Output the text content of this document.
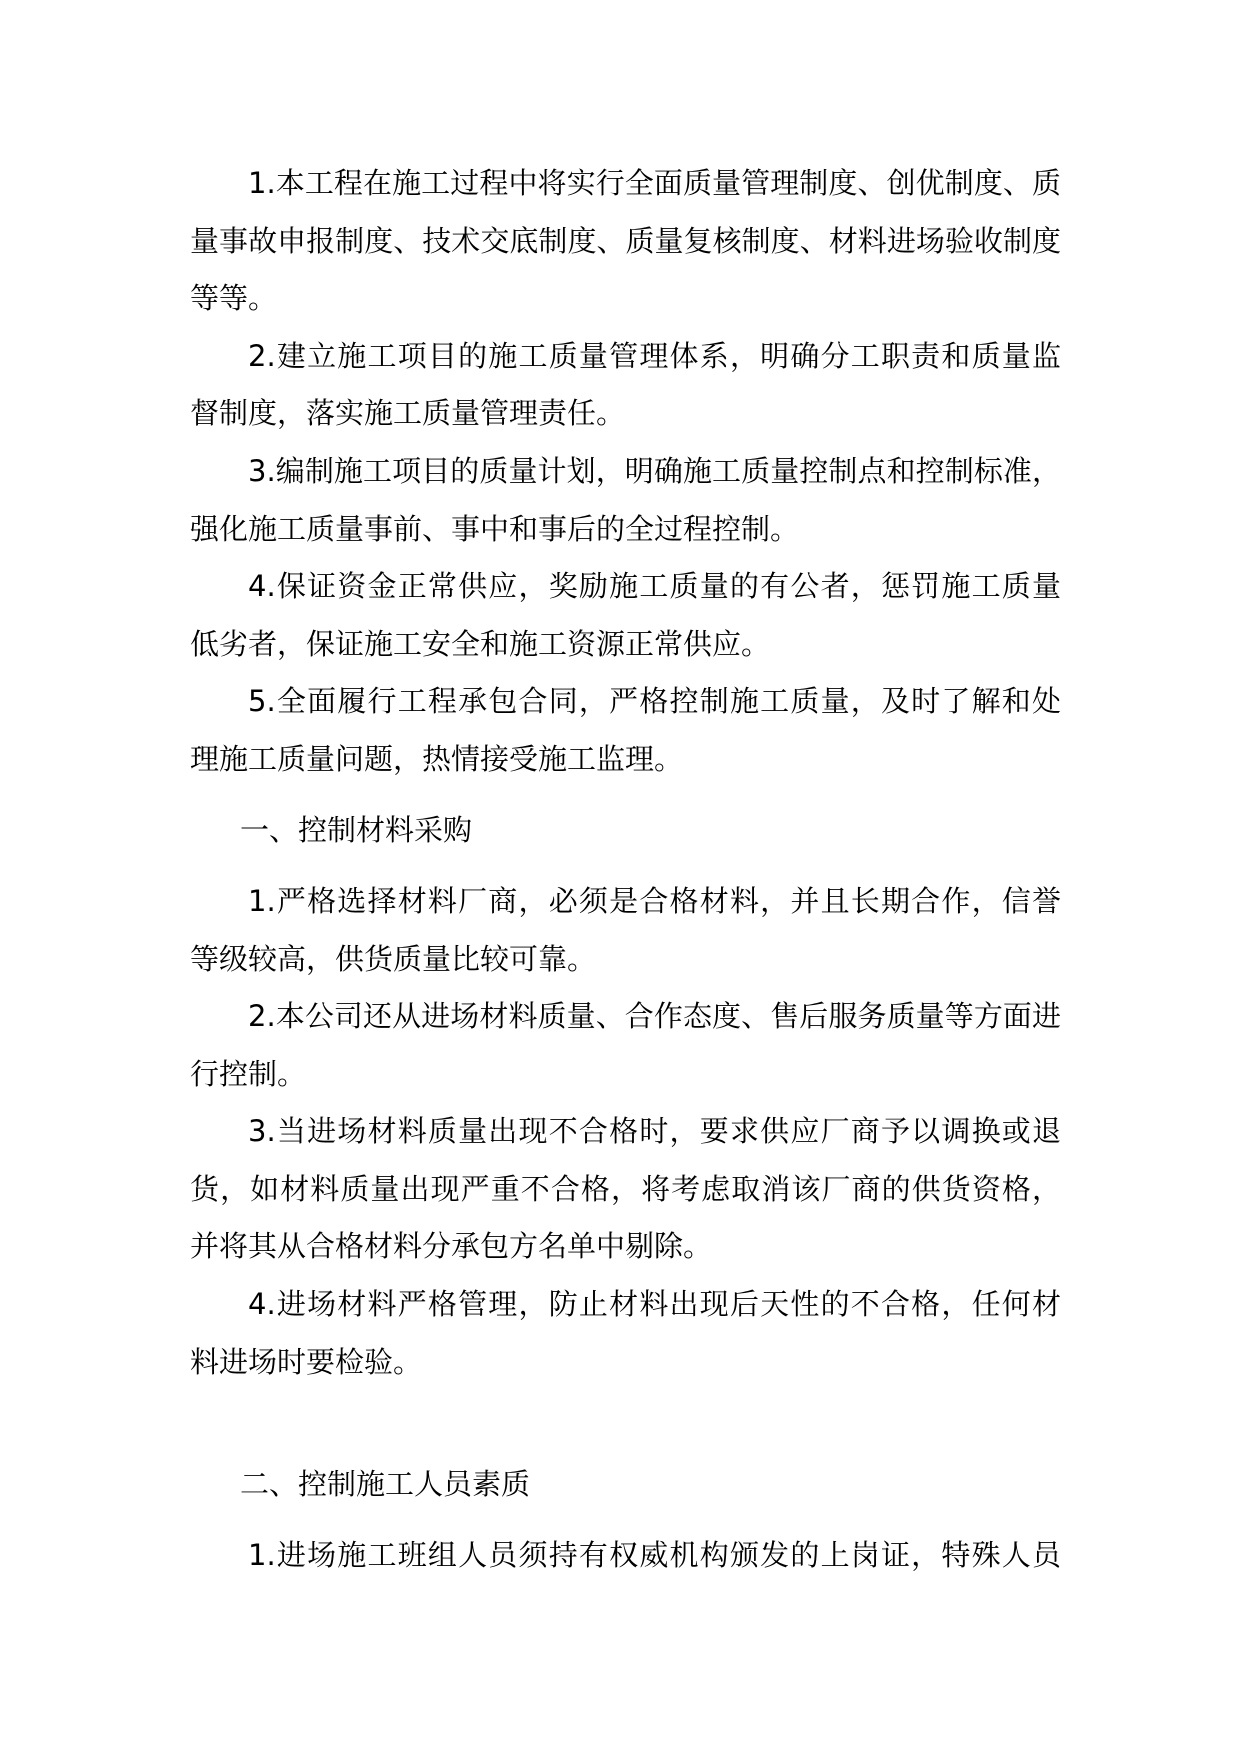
1.本工程在施工过程中将实行全面质量管理制度、创优制度、质
量事故申报制度、技术交底制度、质量复核制度、材料进场验收制度
等等。
2.建立施工项目的施工质量管理体系，明确分工职责和质量监
督制度，落实施工质量管理责任。
3.编制施工项目的质量计划，明确施工质量控制点和控制标准，
强化施工质量事前、事中和事后的全过程控制。
4.保证资金正常供应，奖励施工质量的有公者，惩罚施工质量
低劣者，保证施工安全和施工资源正常供应。
5.全面履行工程承包合同，严格控制施工质量，及时了解和处
理施工质量问题，热情接受施工监理。
一、控制材料采购
1.严格选择材料厂商，必须是合格材料，并且长期合作，信誉
等级较高，供货质量比较可靠。
2.本公司还从进场材料质量、合作态度、售后服务质量等方面进
行控制。
3.当进场材料质量出现不合格时，要求供应厂商予以调换或退
货，如材料质量出现严重不合格，将考虑取消该厂商的供货资格，
并将其从合格材料分承包方名单中剔除。
4.进场材料严格管理，防止材料出现后天性的不合格，任何材
料进场时要检验。
二、控制施工人员素质
1.进场施工班组人员须持有权威机构颁发的上岗证，特殊人员
